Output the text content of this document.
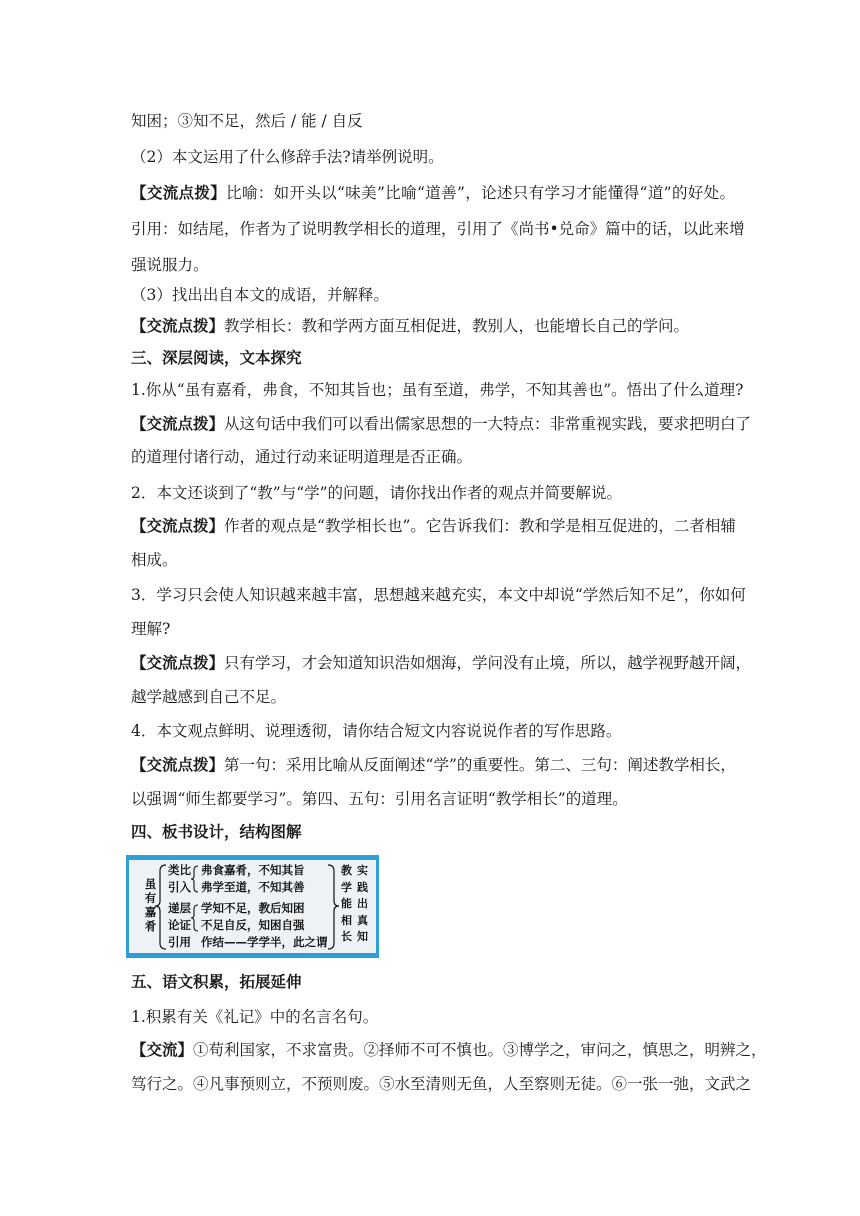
知困；③知不足，然后 / 能 / 自反
（2）本文运用了什么修辞手法?请举例说明。
【交流点拨】比喻：如开头以“味美”比喻“道善”，论述只有学习才能懂得“道”的好处。
引用：如结尾，作者为了说明教学相长的道理，引用了《尚书•兑命》篇中的话，以此来增
强说服力。
（3）找出出自本文的成语，并解释。
【交流点拨】教学相长：教和学两方面互相促进，教别人，也能增长自己的学问。
三、深层阅读，文本探究
1.你从“虽有嘉肴，弗食，不知其旨也；虽有至道，弗学，不知其善也”。悟出了什么道理?
【交流点拨】从这句话中我们可以看出儒家思想的一大特点：非常重视实践，要求把明白了
的道理付诸行动，通过行动来证明道理是否正确。
2．本文还谈到了“教”与“学”的问题，请你找出作者的观点并简要解说。
【交流点拨】作者的观点是“教学相长也”。它告诉我们：教和学是相互促进的，二者相辅
相成。
3．学习只会使人知识越来越丰富，思想越来越充实，本文中却说“学然后知不足”，你如何
理解?
【交流点拨】只有学习，才会知道知识浩如烟海，学问没有止境，所以，越学视野越开阔，
越学越感到自己不足。
4．本文观点鲜明、说理透彻，请你结合短文内容说说作者的写作思路。
【交流点拨】第一句：采用比喻从反面阐述“学”的重要性。第二、三句：阐述教学相长，
以强调“师生都要学习”。第四、五句：引用名言证明“教学相长”的道理。
四、板书设计，结构图解
虽有嘉肴
类比
引入
递层
论证
引用
弗食嘉肴，不知其旨
弗学至道，不知其善
学知不足，教后知困
不足自反，知困自强
作结——学学半，此之谓
教学能相长
实践出真知
五、语文积累，拓展延伸
1.积累有关《礼记》中的名言名句。
【交流】①苟利国家，不求富贵。②择师不可不慎也。③博学之，审问之，慎思之，明辨之，
笃行之。④凡事预则立，不预则废。⑤水至清则无鱼，人至察则无徒。⑥一张一弛，文武之
